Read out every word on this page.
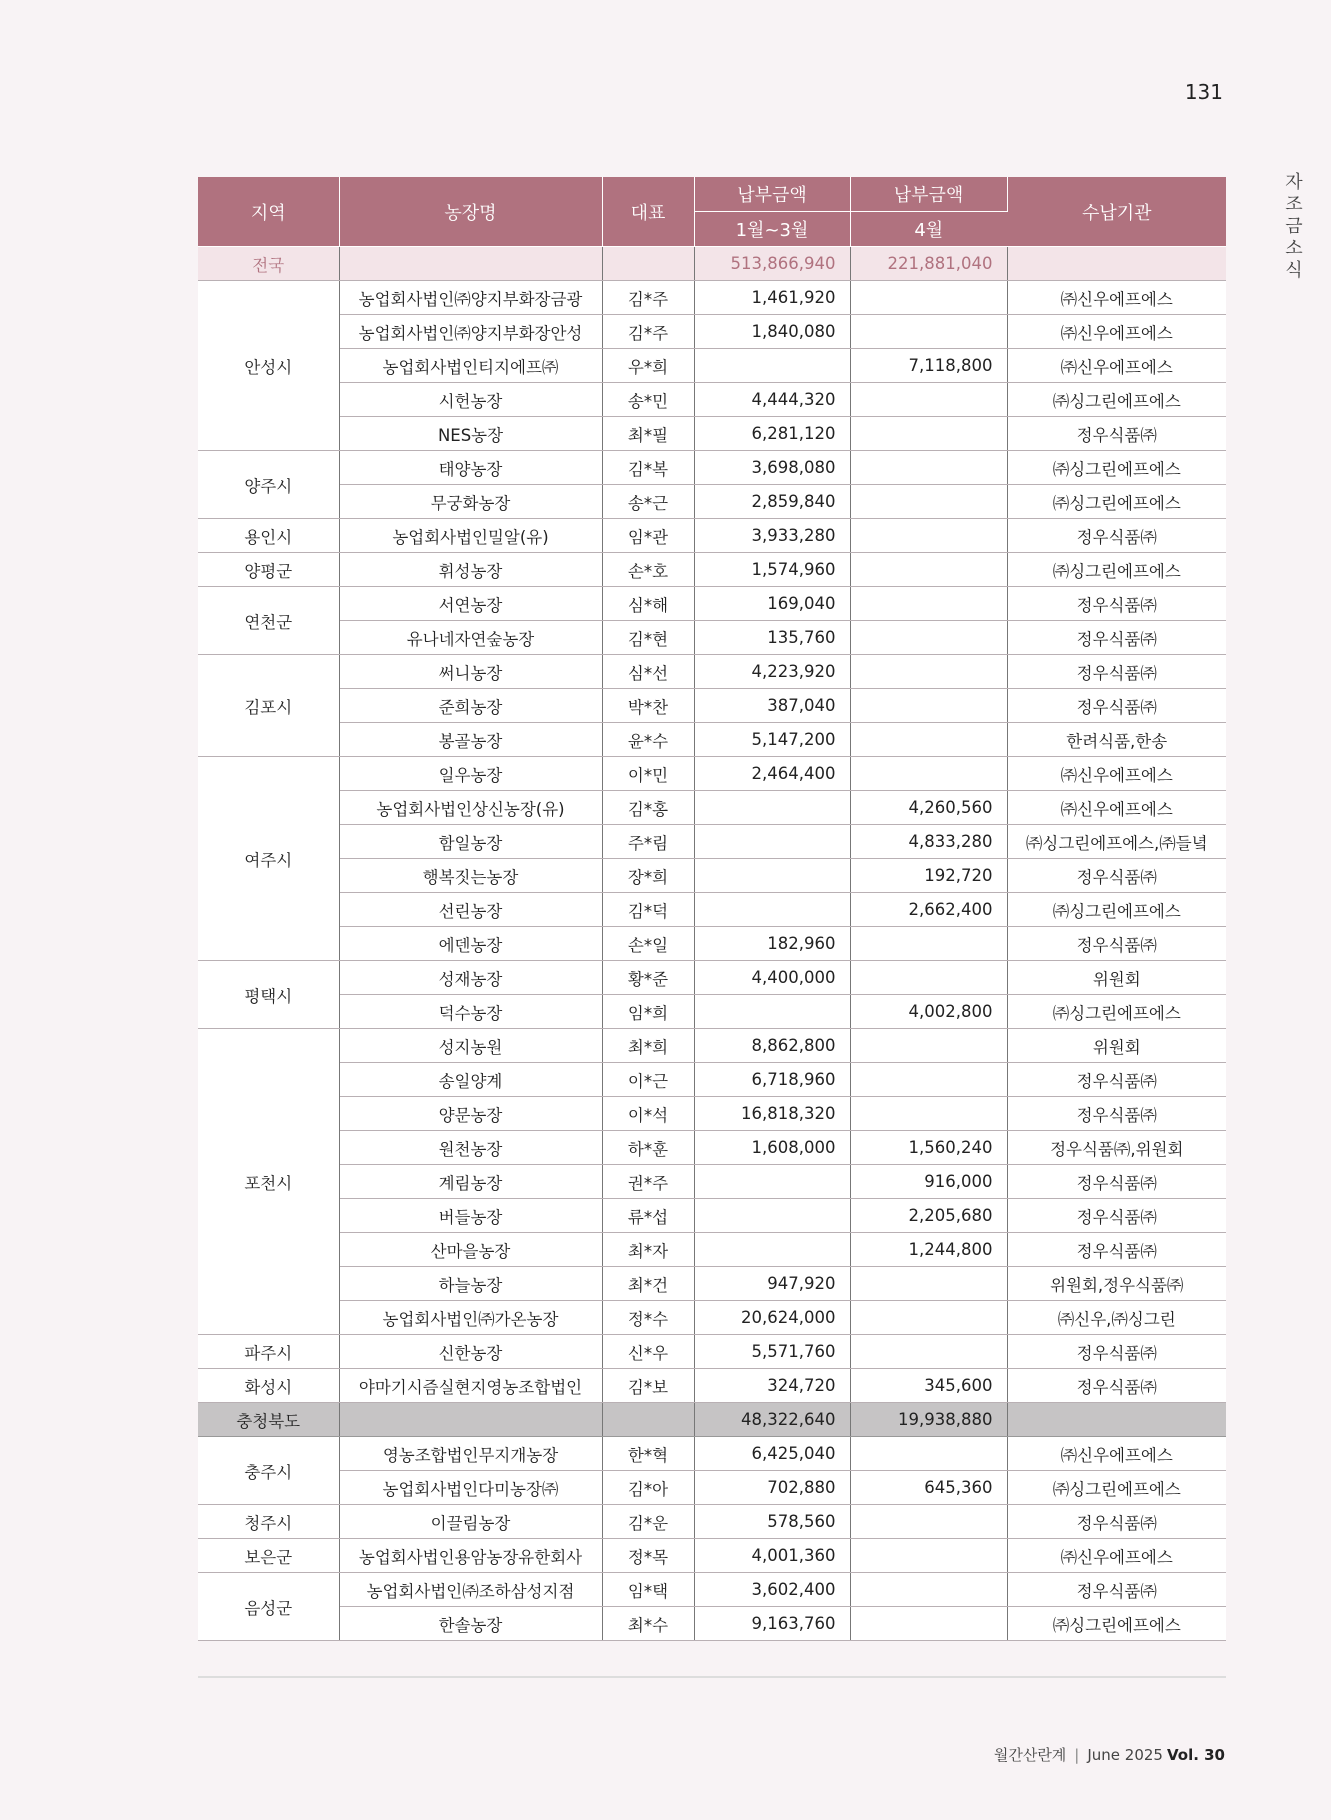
131
자조금소식
지역	농장명	대표	납부금액	납부금액	수납기관
			1월~3월	4월	
전국			513,866,940	221,881,040	
안성시	농업회사법인㈜양지부화장금광	김*주	1,461,920		㈜신우에프에스
	농업회사법인㈜양지부화장안성	김*주	1,840,080		㈜신우에프에스
	농업회사법인티지에프㈜	우*희		7,118,800	㈜신우에프에스
	시헌농장	송*민	4,444,320		㈜싱그린에프에스
	NES농장	최*필	6,281,120		정우식품㈜
양주시	태양농장	김*복	3,698,080		㈜싱그린에프에스
	무궁화농장	송*근	2,859,840		㈜싱그린에프에스
용인시	농업회사법인밀알(유)	임*관	3,933,280		정우식품㈜
양평군	휘성농장	손*호	1,574,960		㈜싱그린에프에스
연천군	서연농장	심*해	169,040		정우식품㈜
	유나네자연숲농장	김*현	135,760		정우식품㈜
김포시	써니농장	심*선	4,223,920		정우식품㈜
	준희농장	박*찬	387,040		정우식품㈜
	봉골농장	윤*수	5,147,200		한려식품,한송
여주시	일우농장	이*민	2,464,400		㈜신우에프에스
	농업회사법인상신농장(유)	김*홍		4,260,560	㈜신우에프에스
	함일농장	주*림		4,833,280	㈜싱그린에프에스,㈜들녘
	행복짓는농장	장*희		192,720	정우식품㈜
	선린농장	김*덕		2,662,400	㈜싱그린에프에스
	에덴농장	손*일	182,960		정우식품㈜
평택시	성재농장	황*준	4,400,000		위원회
	덕수농장	임*희		4,002,800	㈜싱그린에프에스
포천시	성지농원	최*희	8,862,800		위원회
	송일양계	이*근	6,718,960		정우식품㈜
	양문농장	이*석	16,818,320		정우식품㈜
	원천농장	하*훈	1,608,000	1,560,240	정우식품㈜,위원회
	계림농장	권*주		916,000	정우식품㈜
	버들농장	류*섭		2,205,680	정우식품㈜
	산마을농장	최*자		1,244,800	정우식품㈜
	하늘농장	최*건	947,920		위원회,정우식품㈜
	농업회사법인㈜가온농장	정*수	20,624,000		㈜신우,㈜싱그린
파주시	신한농장	신*우	5,571,760		정우식품㈜
화성시	야마기시즘실현지영농조합법인	김*보	324,720	345,600	정우식품㈜
충청북도			48,322,640	19,938,880	
충주시	영농조합법인무지개농장	한*혁	6,425,040		㈜신우에프에스
	농업회사법인다미농장㈜	김*아	702,880	645,360	㈜싱그린에프에스
청주시	이끌림농장	김*운	578,560		정우식품㈜
보은군	농업회사법인용암농장유한회사	정*목	4,001,360		㈜신우에프에스
음성군	농업회사법인㈜조하삼성지점	임*택	3,602,400		정우식품㈜
	한솔농장	최*수	9,163,760		㈜싱그린에프에스
월간산란계 | June 2025 Vol. 30
